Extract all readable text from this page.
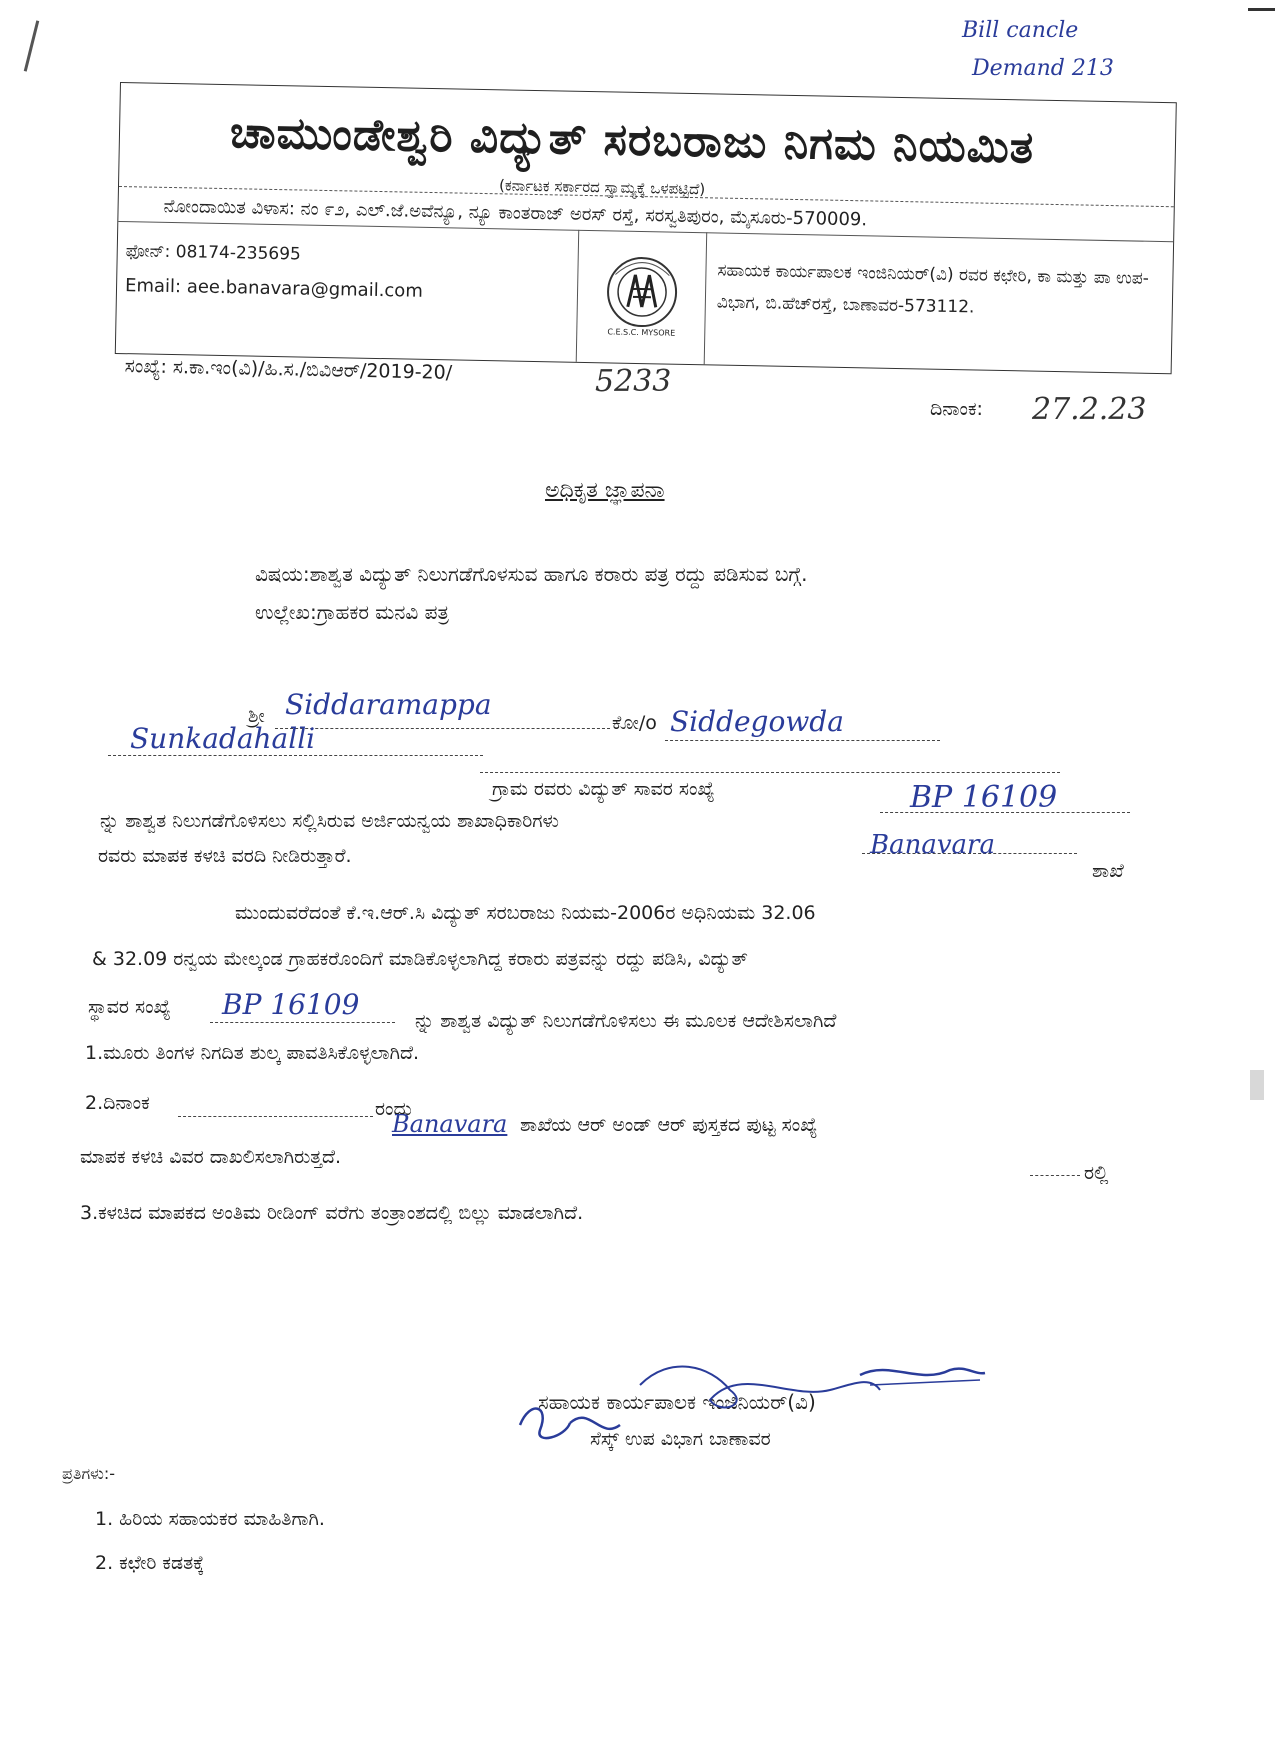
Bill cancle
Demand 213
ಚಾಮುಂಡೇಶ್ವರಿ ವಿದ್ಯುತ್ ಸರಬರಾಜು ನಿಗಮ ನಿಯಮಿತ
(ಕರ್ನಾಟಕ ಸರ್ಕಾರದ ಸ್ವಾಮ್ಯಕ್ಕೆ ಒಳಪಟ್ಟಿದೆ)
ನೋಂದಾಯಿತ ವಿಳಾಸ: ನಂ ೯೨, ಎಲ್.ಜೆ.ಅವೆನ್ಯೂ, ನ್ಯೂ ಕಾಂತರಾಜ್ ಅರಸ್ ರಸ್ತೆ, ಸರಸ್ವತಿಪುರಂ, ಮೈಸೂರು-570009.
ಫೋನ್: 08174-235695
Email: aee.banavara@gmail.com
C.E.S.C. MYSORE
ಸಹಾಯಕ ಕಾರ್ಯಪಾಲಕ ಇಂಜಿನಿಯರ್(ವಿ) ರವರ ಕಛೇರಿ, ಕಾ ಮತ್ತು ಪಾ ಉಪ-ವಿಭಾಗ, ಬಿ.ಹೆಚ್‌ರಸ್ತೆ, ಬಾಣಾವರ-573112.
ಸಂಖ್ಯೆ: ಸ.ಕಾ.ಇಂ(ವಿ)/ಹಿ.ಸ./ಬಿವಿಆರ್/2019-20/	5233
ದಿನಾಂಕ: 27.2.23
ಅಧಿಕೃತ ಜ್ಞಾಪನಾ
ವಿಷಯ:ಶಾಶ್ವತ ವಿದ್ಯುತ್ ನಿಲುಗಡೆಗೊಳಸುವ ಹಾಗೂ ಕರಾರು ಪತ್ರ ರದ್ದು ಪಡಿಸುವ ಬಗ್ಗೆ.
ಉಲ್ಲೇಖ:ಗ್ರಾಹಕರ ಮನವಿ ಪತ್ರ
ಶ್ರೀ Siddaramappa
ಕೋ/o Siddegowda
Sunkadahalli
ಗ್ರಾಮ ರವರು ವಿದ್ಯುತ್ ಸಾವರ ಸಂಖ್ಯೆ	BP 16109
ನ್ನು ಶಾಶ್ವತ ನಿಲುಗಡೆಗೊಳಿಸಲು ಸಲ್ಲಿಸಿರುವ ಅರ್ಜಿಯನ್ವಯ ಶಾಖಾಧಿಕಾರಿಗಳು
Banavara
ಶಾಖೆ
ರವರು ಮಾಪಕ ಕಳಚಿ ವರದಿ ನೀಡಿರುತ್ತಾರೆ.
ಮುಂದುವರೆದಂತೆ ಕೆ.ಇ.ಆರ್.ಸಿ ವಿದ್ಯುತ್ ಸರಬರಾಜು ನಿಯಮ-2006ರ ಅಧಿನಿಯಮ 32.06
& 32.09 ರನ್ವಯ ಮೇಲ್ಕಂಡ ಗ್ರಾಹಕರೊಂದಿಗೆ ಮಾಡಿಕೊಳ್ಳಲಾಗಿದ್ದ ಕರಾರು ಪತ್ರವನ್ನು ರದ್ದು ಪಡಿಸಿ, ವಿದ್ಯುತ್
ಸ್ಥಾವರ ಸಂಖ್ಯೆ BP 16109	ನ್ನು ಶಾಶ್ವತ ವಿದ್ಯುತ್ ನಿಲುಗಡೆಗೊಳಿಸಲು ಈ ಮೂಲಕ ಆದೇಶಿಸಲಾಗಿದೆ
1.ಮೂರು ತಿಂಗಳ ನಿಗದಿತ ಶುಲ್ಕ ಪಾವತಿಸಿಕೊಳ್ಳಲಾಗಿದೆ.
2.ದಿನಾಂಕ	ರಂದು
Banavara ಶಾಖೆಯ ಆರ್ ಅಂಡ್ ಆರ್ ಪುಸ್ತಕದ ಪುಟ್ಟ ಸಂಖ್ಯೆ
ರಲ್ಲಿ
ಮಾಪಕ ಕಳಚಿ ವಿವರ ದಾಖಲಿಸಲಾಗಿರುತ್ತದೆ.
3.ಕಳಚಿದ ಮಾಪಕದ ಅಂತಿಮ ರೀಡಿಂಗ್ ವರೆಗು ತಂತ್ರಾಂಶದಲ್ಲಿ ಬಿಲ್ಲು ಮಾಡಲಾಗಿದೆ.
ಸಹಾಯಕ ಕಾರ್ಯಪಾಲಕ ಇಂಜಿನಿಯರ್(ವಿ)
ಸೆಸ್ಕ್ ಉಪ ವಿಭಾಗ ಬಾಣಾವರ
ಪ್ರತಿಗಳು:-
1. ಹಿರಿಯ ಸಹಾಯಕರ ಮಾಹಿತಿಗಾಗಿ.
2. ಕಛೇರಿ ಕಡತಕ್ಕೆ
